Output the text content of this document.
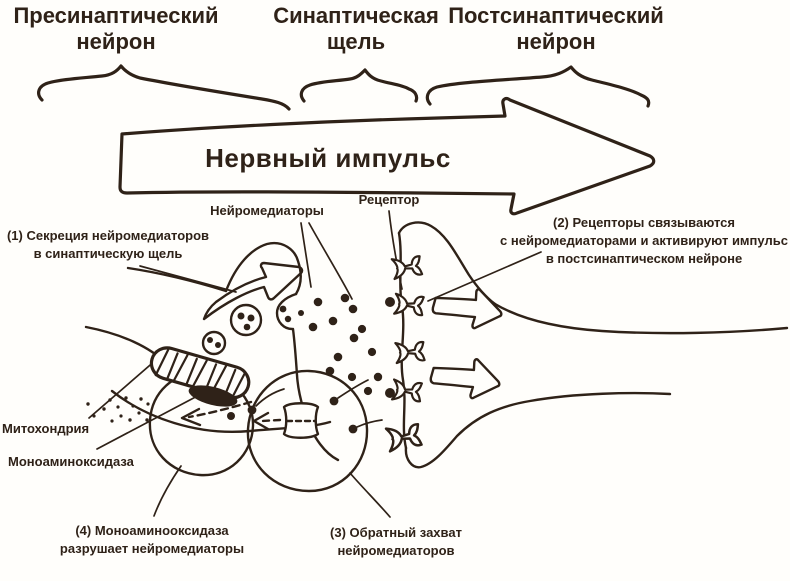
Пресинаптический
нейрон
Синаптическая
щель
Постсинаптический
нейрон
Нервный импульс
Нейромедиаторы
Рецептор
Митохондрия
Моноаминоксидаза
(1) Секреция нейромедиаторов
в синаптическую щель
(2) Рецепторы связываются
с нейромедиаторами и активируют импульс
в постсинаптическом нейроне
(4) Моноаминооксидаза
разрушает нейромедиаторы
(3) Обратный захват
нейромедиаторов
